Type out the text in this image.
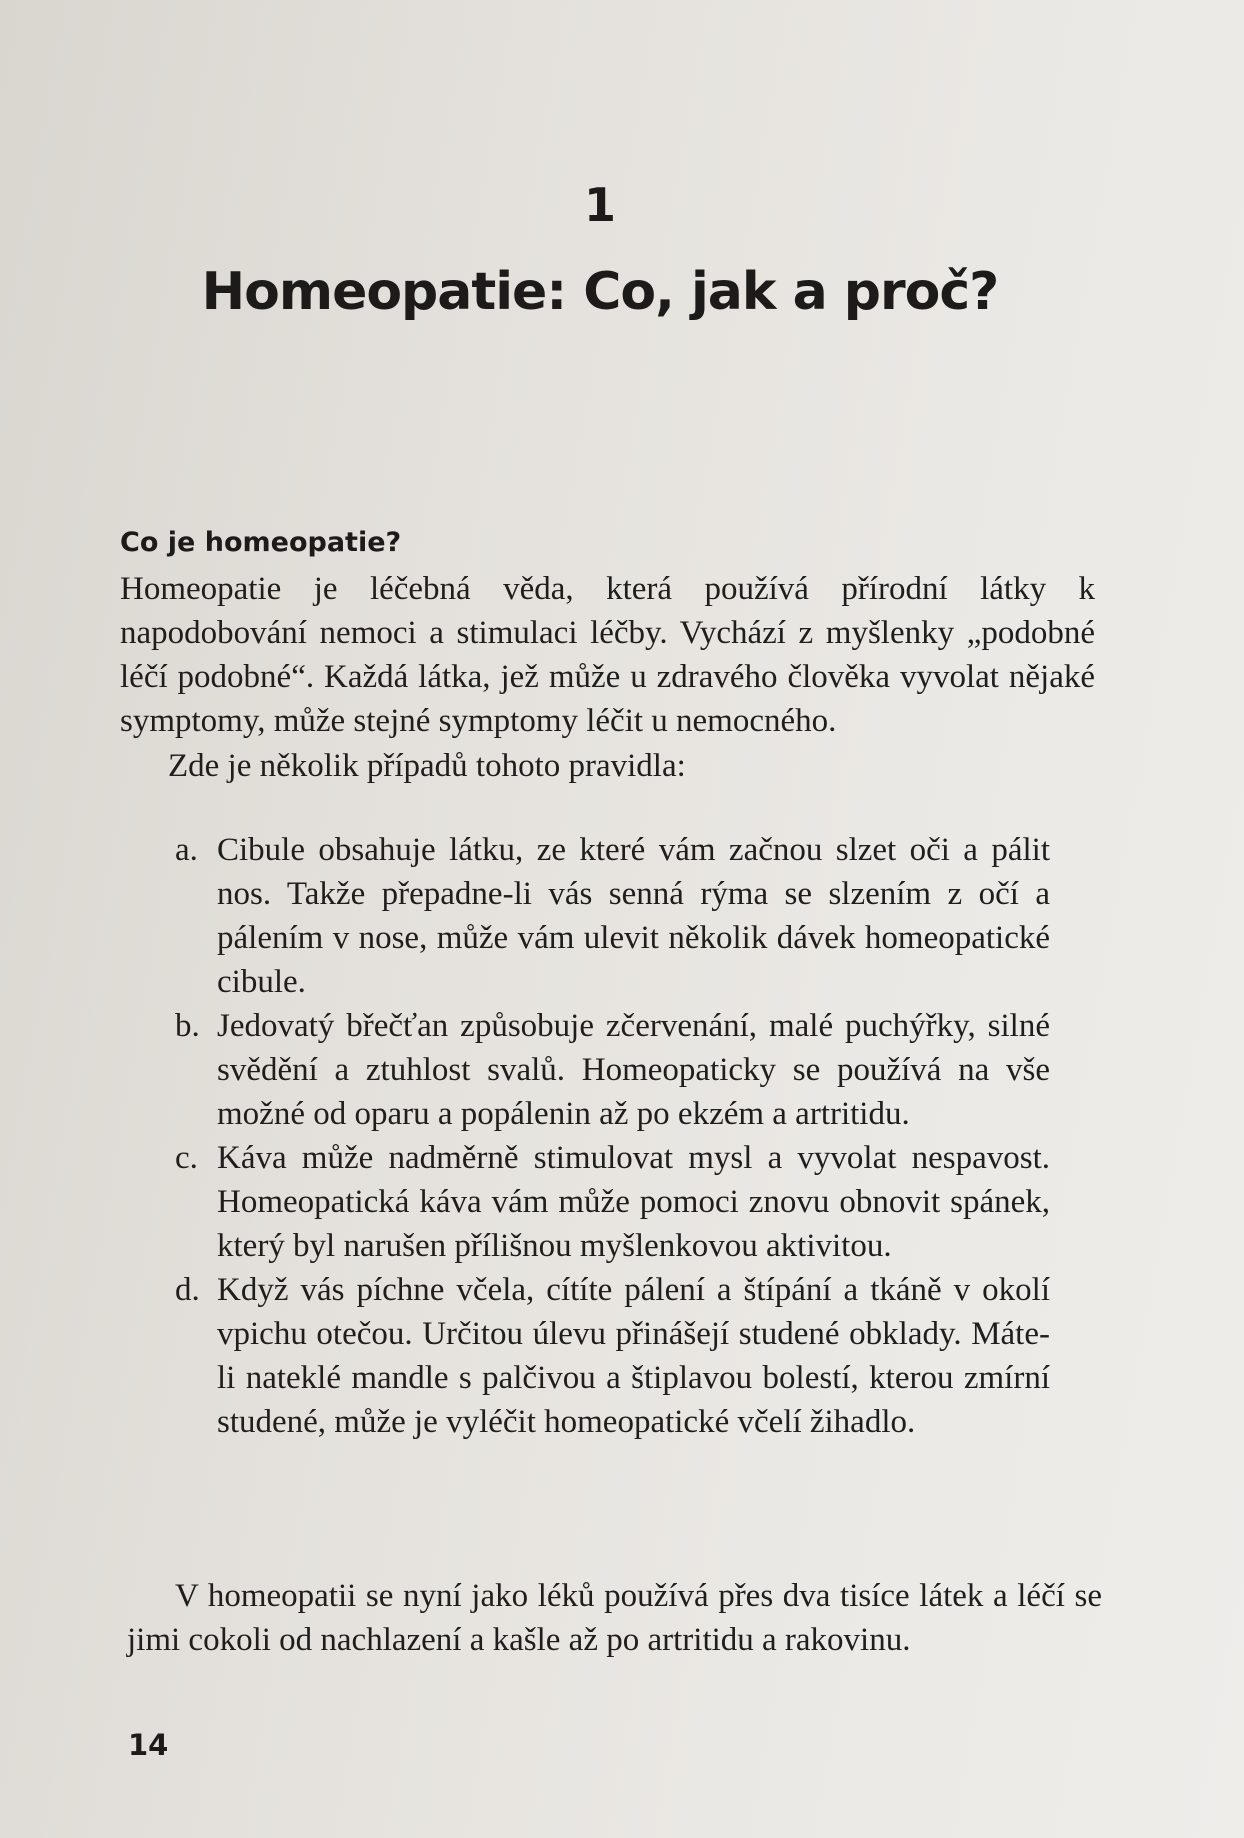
1
Homeopatie: Co, jak a proč?
Co je homeopatie?

Homeopatie je léčebná věda, která používá přírodní látky k napodobování nemoci a stimulaci léčby. Vychází z myšlenky „podobné léčí podobné“. Každá látka, jež může u zdravého člověka vyvolat nějaké symptomy, může stejné symptomy léčit u nemocného.

Zde je několik případů tohoto pravidla:

a. Cibule obsahuje látku, ze které vám začnou slzet oči a pálit nos. Takže přepadne-li vás senná rýma se slzením z očí a pálením v nose, může vám ulevit několik dávek homeopatické cibule.
b. Jedovatý břečťan způsobuje zčervenání, malé puchýřky, silné svědění a ztuhlost svalů. Homeopaticky se používá na vše možné od oparu a popálenin až po ekzém a artritidu.
c. Káva může nadměrně stimulovat mysl a vyvolat nespavost. Homeopatická káva vám může pomoci znovu obnovit spánek, který byl narušen přílišnou myšlenkovou aktivitou.
d. Když vás píchne včela, cítíte pálení a štípání a tkáně v okolí vpichu otečou. Určitou úlevu přinášejí studené obklady. Máte-li nateklé mandle s palčivou a štiplavou bolestí, kterou zmírní studené, může je vyléčit homeopatické včelí žihadlo.

V homeopatii se nyní jako léků používá přes dva tisíce látek a léčí se jimi cokoli od nachlazení a kašle až po artritidu a rakovinu.

14
